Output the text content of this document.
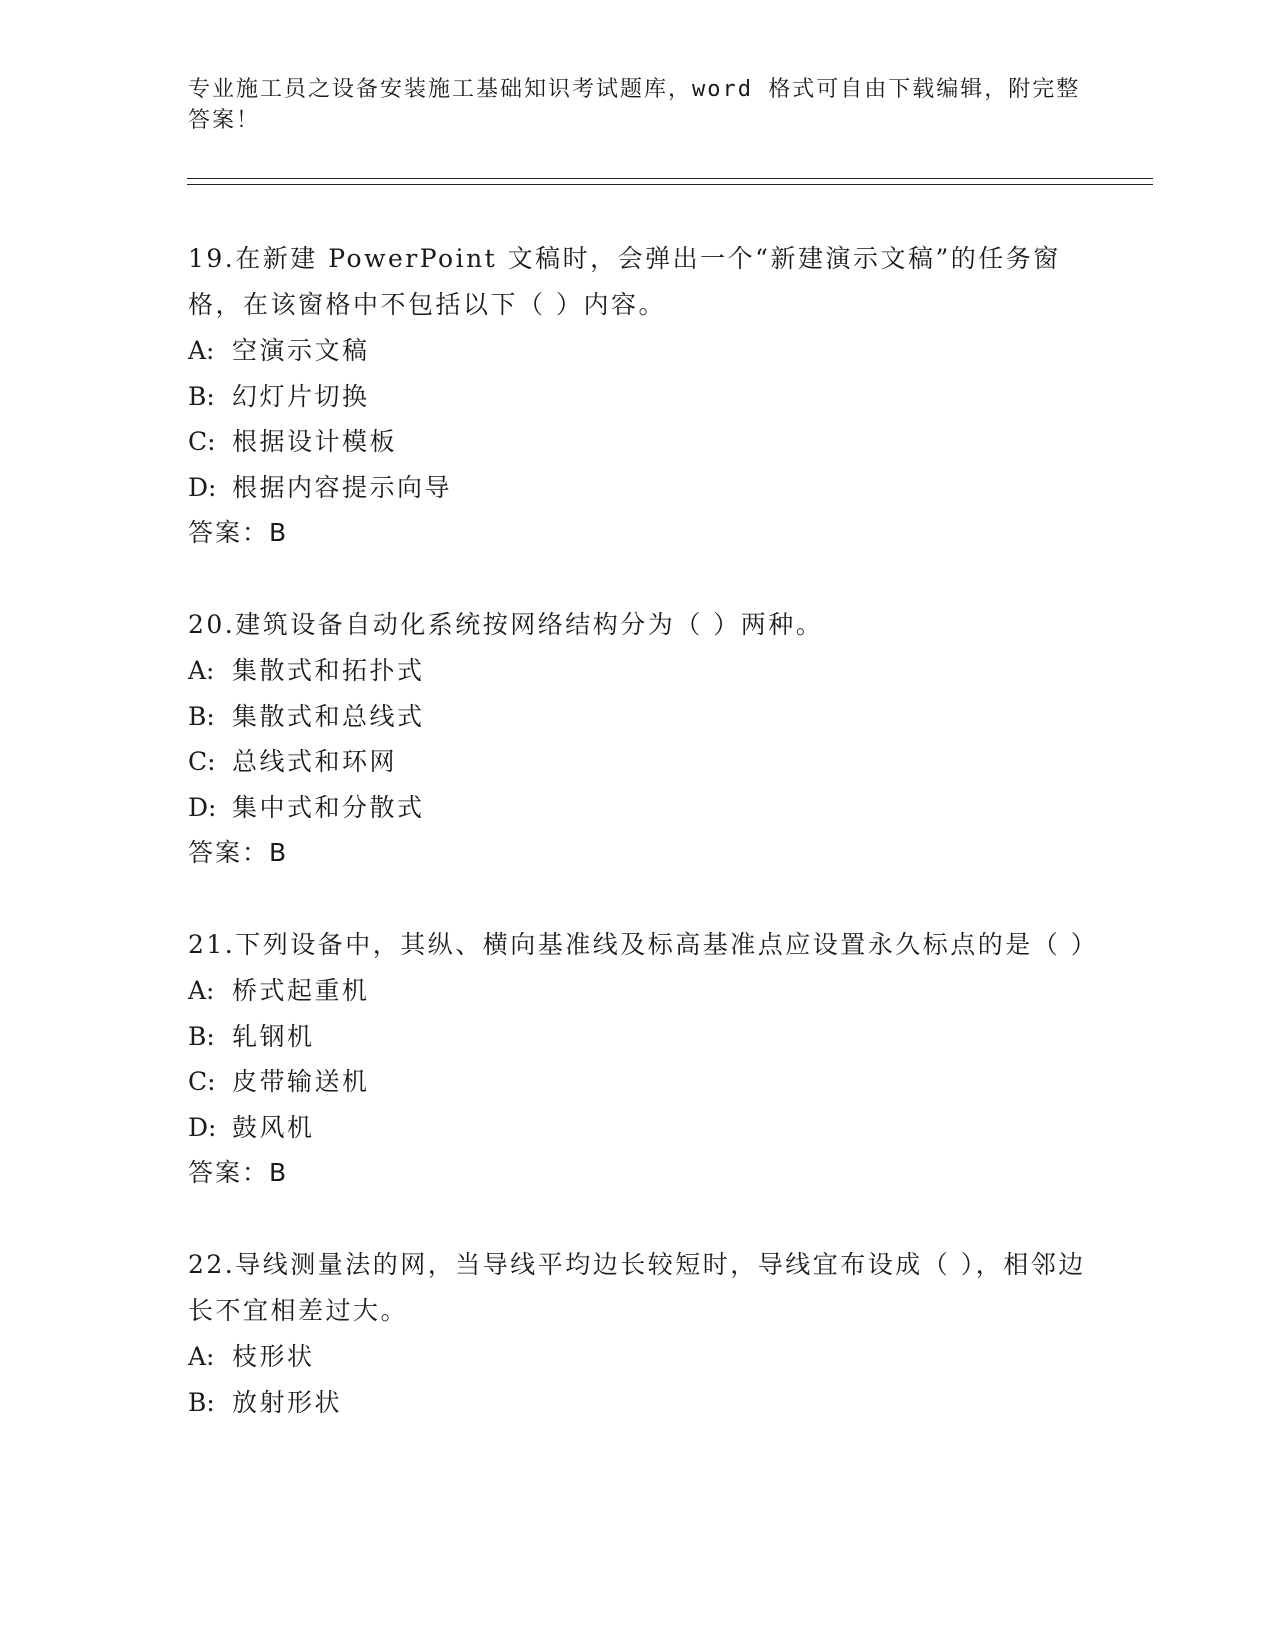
专业施工员之设备安装施工基础知识考试题库，word 格式可自由下载编辑，附完整答案！

19.在新建 PowerPoint 文稿时，会弹出一个“新建演示文稿”的任务窗格，在该窗格中不包括以下（ ）内容。

A: 空演示文稿
B: 幻灯片切换
C: 根据设计模板
D: 根据内容提示向导
答案：B

20.建筑设备自动化系统按网络结构分为（ ）两种。

A: 集散式和拓扑式
B: 集散式和总线式
C: 总线式和环网
D: 集中式和分散式
答案：B

21.下列设备中，其纵、横向基准线及标高基准点应设置永久标点的是（ ）

A: 桥式起重机
B: 轧钢机
C: 皮带输送机
D: 鼓风机
答案：B

22.导线测量法的网，当导线平均边长较短时，导线宜布设成（ ），相邻边长不宜相差过大。

A: 枝形状
B: 放射形状
